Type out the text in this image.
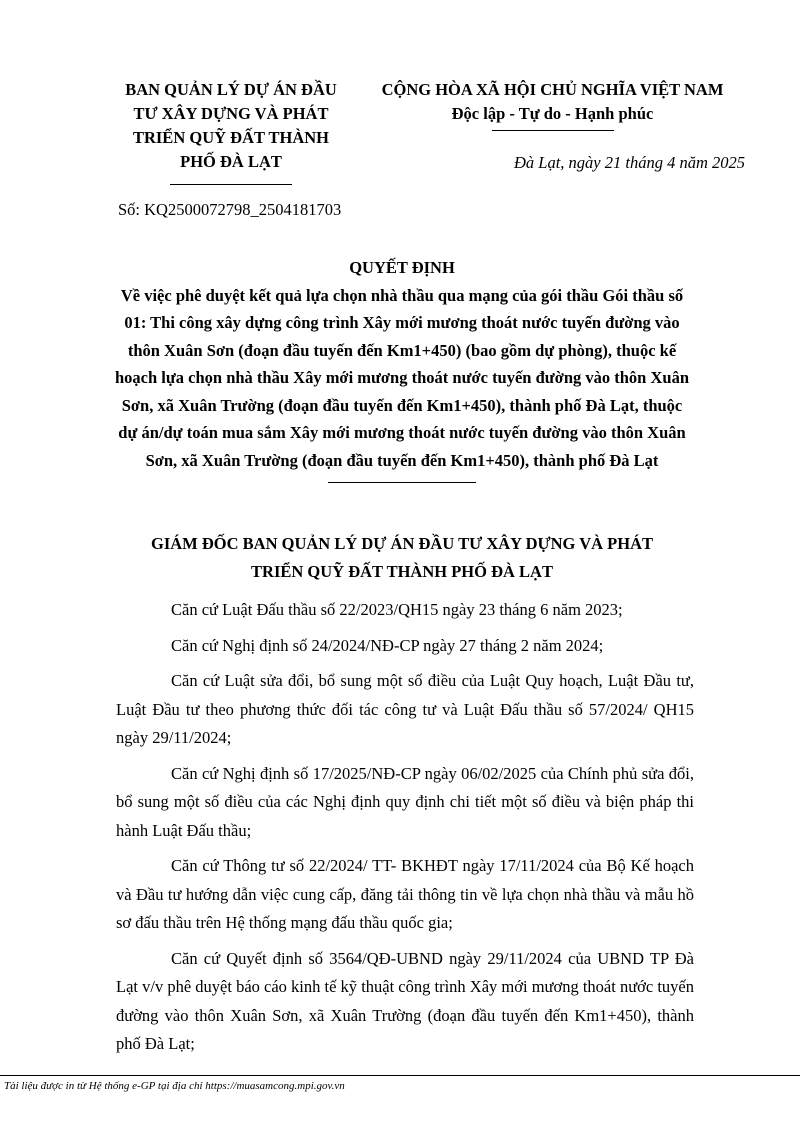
BAN QUẢN LÝ DỰ ÁN ĐẦU
TƯ XÂY DỰNG VÀ PHÁT
TRIỂN QUỸ ĐẤT THÀNH
PHỐ ĐÀ LẠT
CỘNG HÒA XÃ HỘI CHỦ NGHĨA VIỆT NAM
Độc lập - Tự do - Hạnh phúc
Đà Lạt, ngày 21 tháng 4 năm 2025
Số: KQ2500072798_2504181703
QUYẾT ĐỊNH
Về việc phê duyệt kết quả lựa chọn nhà thầu qua mạng của gói thầu Gói thầu số 01: Thi công xây dựng công trình Xây mới mương thoát nước tuyến đường vào thôn Xuân Sơn (đoạn đầu tuyến đến Km1+450) (bao gồm dự phòng), thuộc kế hoạch lựa chọn nhà thầu Xây mới mương thoát nước tuyến đường vào thôn Xuân Sơn, xã Xuân Trường (đoạn đầu tuyến đến Km1+450), thành phố Đà Lạt, thuộc dự án/dự toán mua sắm Xây mới mương thoát nước tuyến đường vào thôn Xuân Sơn, xã Xuân Trường (đoạn đầu tuyến đến Km1+450), thành phố Đà Lạt
GIÁM ĐỐC BAN QUẢN LÝ DỰ ÁN ĐẦU TƯ XÂY DỰNG VÀ PHÁT
TRIỂN QUỸ ĐẤT THÀNH PHỐ ĐÀ LẠT

Căn cứ Luật Đấu thầu số 22/2023/QH15 ngày 23 tháng 6 năm 2023;

Căn cứ Nghị định số 24/2024/NĐ-CP ngày 27 tháng 2 năm 2024;

Căn cứ Luật sửa đổi, bổ sung một số điều của Luật Quy hoạch, Luật Đầu tư, Luật Đầu tư theo phương thức đối tác công tư và Luật Đấu thầu số 57/2024/ QH15 ngày 29/11/2024;

Căn cứ Nghị định số 17/2025/NĐ-CP ngày 06/02/2025 của Chính phủ sửa đổi, bổ sung một số điều của các Nghị định quy định chi tiết một số điều và biện pháp thi hành Luật Đấu thầu;

Căn cứ Thông tư số 22/2024/ TT- BKHĐT ngày 17/11/2024 của Bộ Kế hoạch và Đầu tư hướng dẫn việc cung cấp, đăng tải thông tin về lựa chọn nhà thầu và mẫu hồ sơ đấu thầu trên Hệ thống mạng đấu thầu quốc gia;

Căn cứ Quyết định số 3564/QĐ-UBND ngày 29/11/2024 của UBND TP Đà Lạt v/v phê duyệt báo cáo kinh tế kỹ thuật công trình Xây mới mương thoát nước tuyến đường vào thôn Xuân Sơn, xã Xuân Trường (đoạn đầu tuyến đến Km1+450), thành phố Đà Lạt;

Tài liệu được in từ Hệ thống e-GP tại địa chỉ https://muasamcong.mpi.gov.vn
